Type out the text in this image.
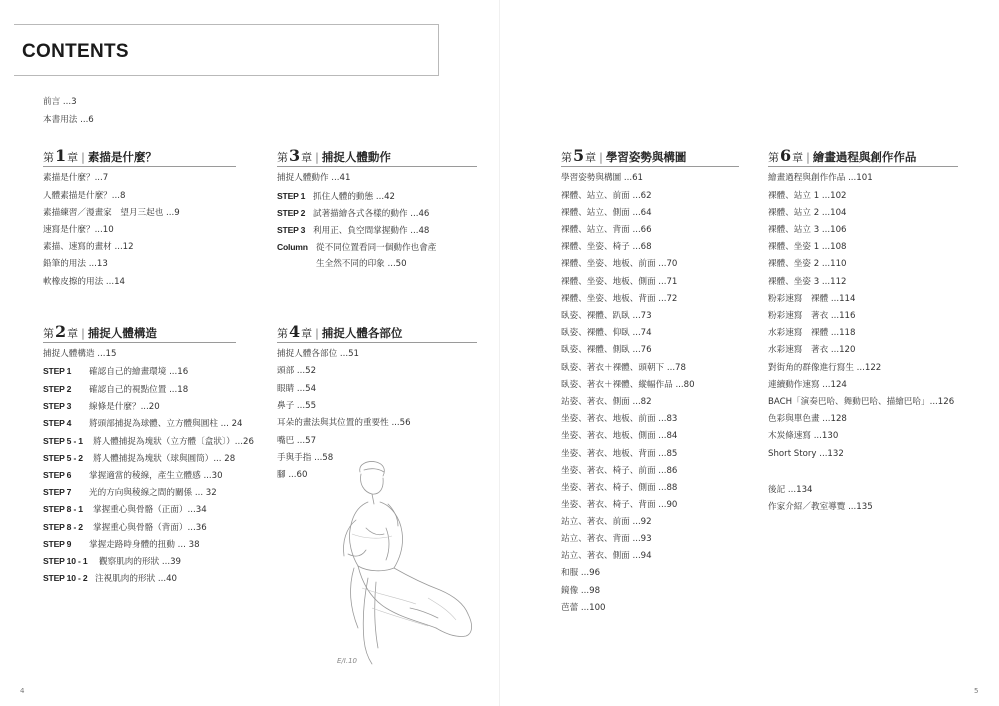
CONTENTS
前言 ...3
本書用法 ...6
第1章 | 素描是什麼？
第2章 | 捕捉人體構造
第3章 | 捕捉人體動作
第4章 | 捕捉人體各部位
第5章 | 學習姿勢與構圖	第6章 | 繪畫過程與創作作品
素描是什麼？...7
人體素描是什麼？...8
素描練習／漫畫家　望月三起也 ...9
速寫是什麼？...10
素描、速寫的畫材 ...12
鉛筆的用法 ...13
軟橡皮擦的用法 ...14
捕捉人體構造 ...15
STEP 1 確認自己的繪畫環境 ...16
STEP 2 確認自己的視點位置 ...18
STEP 3 線條是什麼？...20
STEP 4 將頭部捕捉為球體、立方體與圓柱 ... 24
STEP 5 - 1 將人體捕捉為塊狀（立方體〔盒狀〕）...26
STEP 5 - 2 將人體捕捉為塊狀（球與圓筒）... 28
STEP 6 掌握適當的稜線，產生立體感 ...30
STEP 7 光的方向與稜線之間的關係 ... 32
STEP 8 - 1 掌握重心與骨骼（正面）...34
STEP 8 - 2 掌握重心與骨骼（背面）...36
STEP 9 掌握走路時身體的扭動 ... 38
STEP 10 - 1 觀察肌肉的形狀 ...39
STEP 10 - 2 注視肌肉的形狀 ...40
捕捉人體動作 ...41
STEP 1 抓住人體的動態 ...42
STEP 2 試著描繪各式各樣的動作 ...46
STEP 3 利用正、負空間掌握動作 ...48
Column 從不同位置看同一個動作也會產
生全然不同的印象 ...50
捕捉人體各部位 ...51
頭部 ...52
眼睛 ...54
鼻子 ...55
耳朵的畫法與其位置的重要性 ...56
嘴巴 ...57
手與手指 ...58
腳 ...60
E/I.10
學習姿勢與構圖 ...61
裸體、站立、前面 ...62
裸體、站立、側面 ...64
裸體、站立、背面 ...66
裸體、坐姿、椅子 ...68
裸體、坐姿、地板、前面 ...70
裸體、坐姿、地板、側面 ...71
裸體、坐姿、地板、背面 ...72
臥姿、裸體、趴臥 ...73
臥姿、裸體、仰臥 ...74
臥姿、裸體、側臥 ...76
臥姿、著衣＋裸體、頭朝下 ...78
臥姿、著衣＋裸體、縱幅作品 ...80
站姿、著衣、側面 ...82
坐姿、著衣、地板、前面 ...83
坐姿、著衣、地板、側面 ...84
坐姿、著衣、地板、背面 ...85
坐姿、著衣、椅子、前面 ...86
坐姿、著衣、椅子、側面 ...88
坐姿、著衣、椅子、背面 ...90
站立、著衣、前面 ...92
站立、著衣、背面 ...93
站立、著衣、側面 ...94
和服 ...96
鏡像 ...98
芭蕾 ...100
繪畫過程與創作作品 ...101
裸體、站立 1 ...102
裸體、站立 2 ...104
裸體、站立 3 ...106
裸體、坐姿 1 ...108
裸體、坐姿 2 ...110
裸體、坐姿 3 ...112
粉彩速寫　裸體 ...114
粉彩速寫　著衣 ...116
水彩速寫　裸體 ...118
水彩速寫　著衣 ...120
對街角的群像進行寫生 ...122
連續動作速寫 ...124
BACH「演奏巴哈、舞動巴哈、描繪巴哈」...126
色彩與單色畫 ...128
木炭條速寫 ...130
Short Story ...132
後記 ...134
作家介紹／教室導覽 ...135
4	5
